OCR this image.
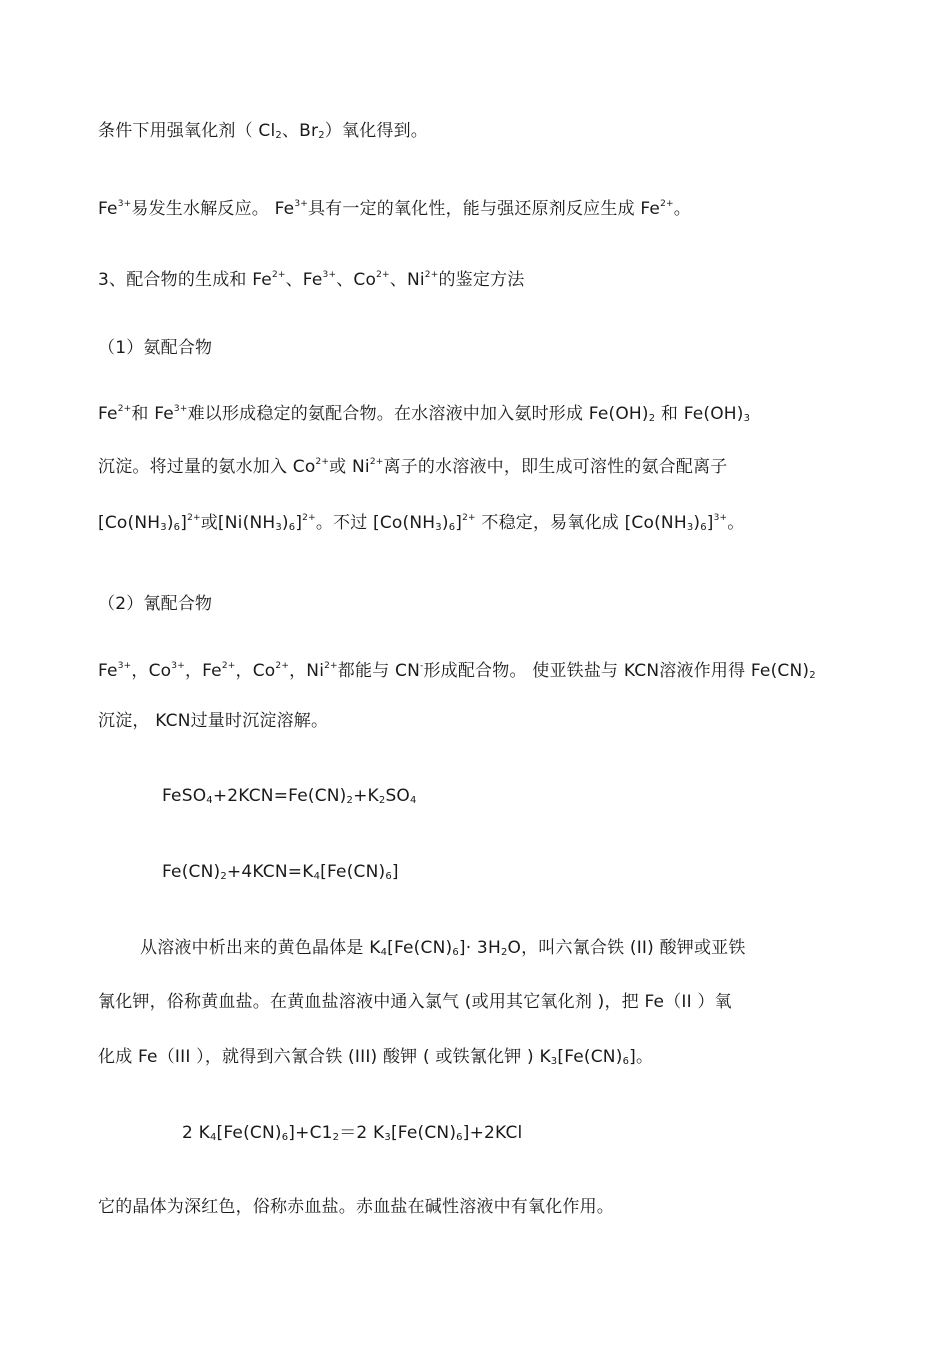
条件下用强氧化剂（ $Cl_2$、$Br_2$）氧化得到。
$Fe^{3+}$易发生水解反应。 $Fe^{3+}$具有一定的氧化性，能与强还原剂反应生成 $Fe^{2+}$。
3、配合物的生成和 $Fe^{2+}$、$Fe^{3+}$、$Co^{2+}$、$Ni^{2+}$的鉴定方法
（1）氨配合物
$Fe^{2+}$和 $Fe^{3+}$难以形成稳定的氨配合物。在水溶液中加入氨时形成 $Fe(OH)_2$ 和 $Fe(OH)_3$
沉淀。将过量的氨水加入 $Co^{2+}$或 $Ni^{2+}$离子的水溶液中，即生成可溶性的氨合配离子
$[Co(NH_3)_6]^{2+}$或$[Ni(NH_3)_6]^{2+}$。不过 $[Co(NH_3)_6]^{2+}$ 不稳定，易氧化成 $[Co(NH_3)_6]^{3+}$。
（2）氰配合物
$Fe^{3+}$，$Co^{3+}$，$Fe^{2+}$，$Co^{2+}$，$Ni^{2+}$都能与 CN-形成配合物。 使亚铁盐与 KCN溶液作用得 $Fe(CN)_2$
沉淀， KCN过量时沉淀溶解。
$FeSO_4+2KCN=Fe(CN)_2+K_2SO_4$
$Fe(CN)_2+4KCN=K_4[Fe(CN)_6]$
从溶液中析出来的黄色晶体是 $K_4[Fe(CN)_6]\cdot 3H_2O$，叫六氰合铁 (II) 酸钾或亚铁
氰化钾，俗称黄血盐。在黄血盐溶液中通入氯气 (或用其它氧化剂 )，把 Fe（II ）氧
化成 Fe（III ），就得到六氰合铁 (III) 酸钾 ( 或铁氰化钾 ) $K_3[Fe(CN)_6]$。
2 $K_4[Fe(CN)_6]+C1_2=2$ $K_3[Fe(CN)_6]+2KCl$
它的晶体为深红色，俗称赤血盐。赤血盐在碱性溶液中有氧化作用。
